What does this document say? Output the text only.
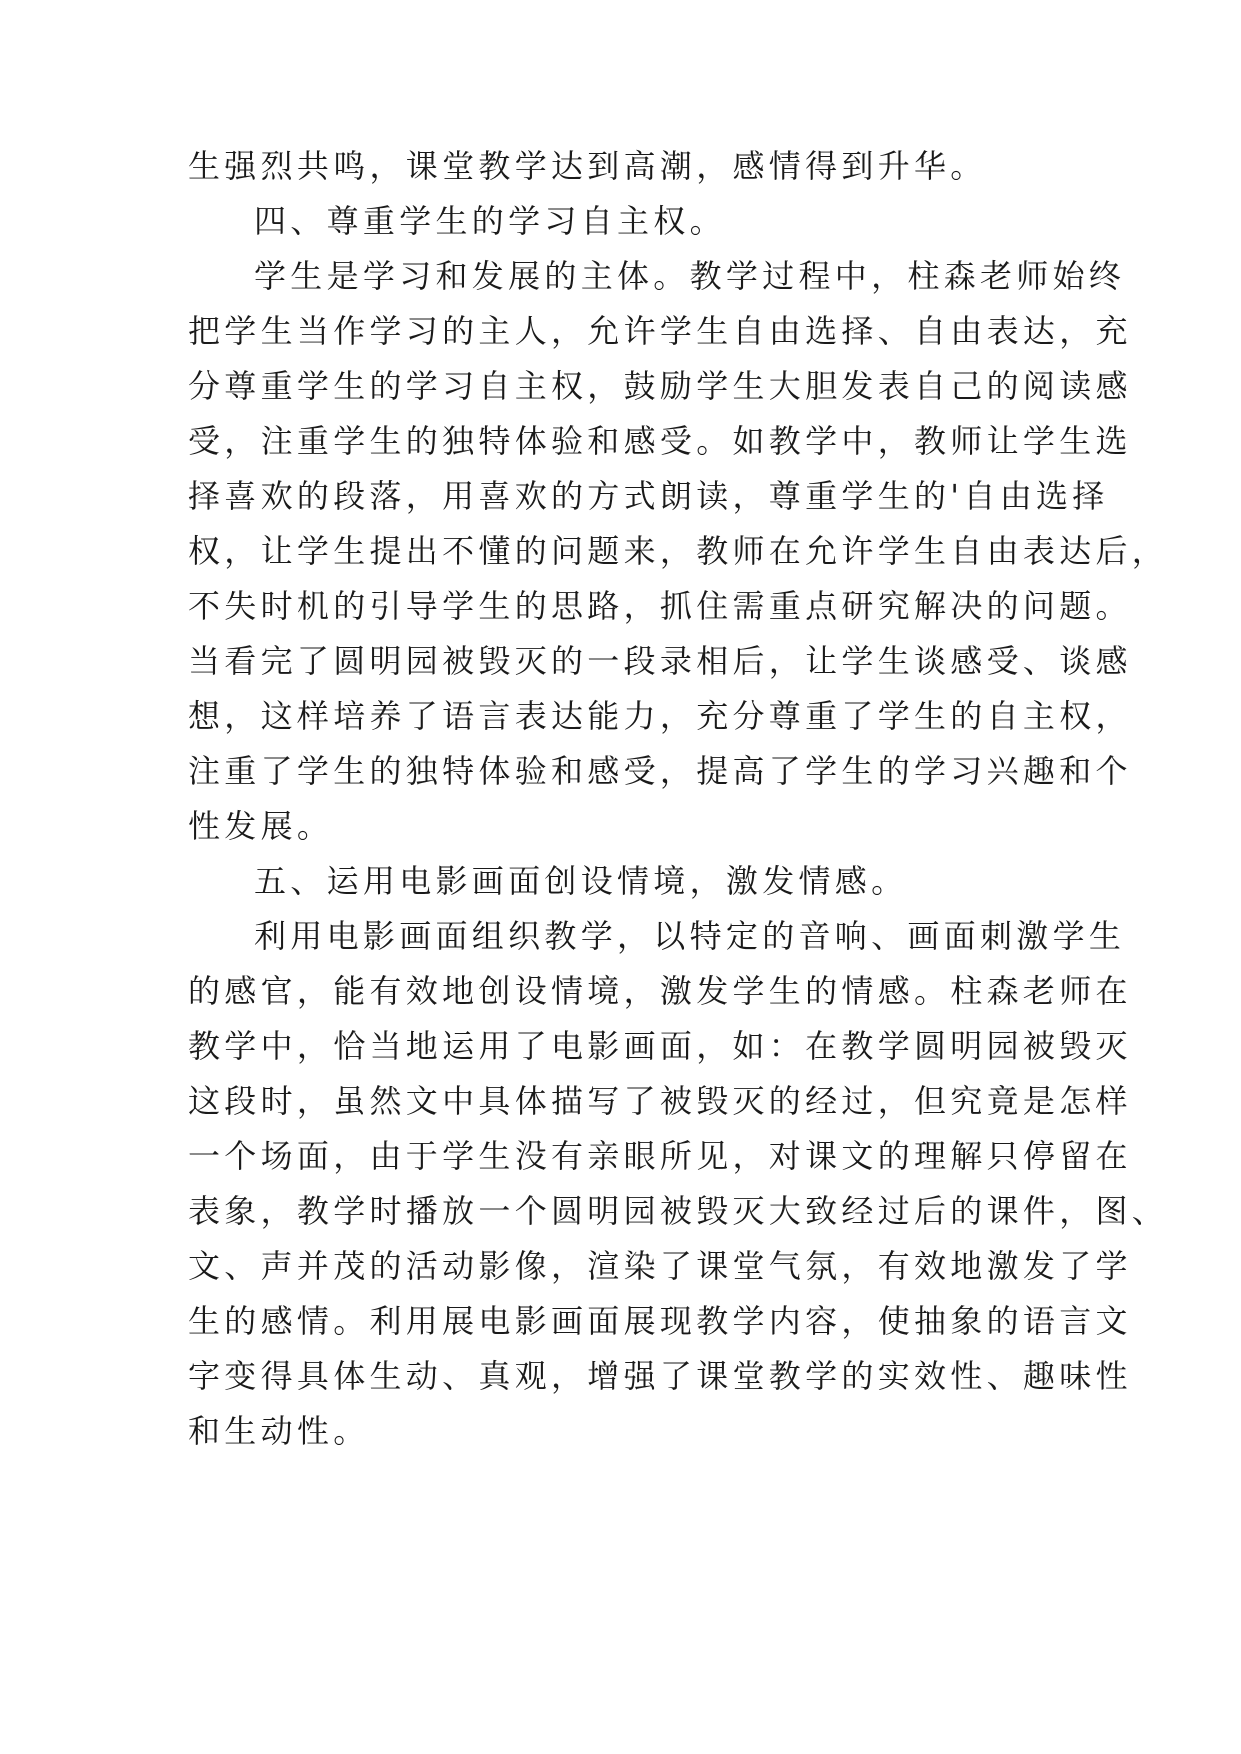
生强烈共鸣，课堂教学达到高潮，感情得到升华。
四、尊重学生的学习自主权。
学生是学习和发展的主体。教学过程中，柱森老师始终
把学生当作学习的主人，允许学生自由选择、自由表达，充
分尊重学生的学习自主权，鼓励学生大胆发表自己的阅读感
受，注重学生的独特体验和感受。如教学中，教师让学生选
择喜欢的段落，用喜欢的方式朗读，尊重学生的'自由选择
权，让学生提出不懂的问题来，教师在允许学生自由表达后，
不失时机的引导学生的思路，抓住需重点研究解决的问题。
当看完了圆明园被毁灭的一段录相后，让学生谈感受、谈感
想，这样培养了语言表达能力，充分尊重了学生的自主权，
注重了学生的独特体验和感受，提高了学生的学习兴趣和个
性发展。
五、运用电影画面创设情境，激发情感。
利用电影画面组织教学，以特定的音响、画面刺激学生
的感官，能有效地创设情境，激发学生的情感。柱森老师在
教学中，恰当地运用了电影画面，如：在教学圆明园被毁灭
这段时，虽然文中具体描写了被毁灭的经过，但究竟是怎样
一个场面，由于学生没有亲眼所见，对课文的理解只停留在
表象，教学时播放一个圆明园被毁灭大致经过后的课件，图、
文、声并茂的活动影像，渲染了课堂气氛，有效地激发了学
生的感情。利用展电影画面展现教学内容，使抽象的语言文
字变得具体生动、真观，增强了课堂教学的实效性、趣味性
和生动性。
